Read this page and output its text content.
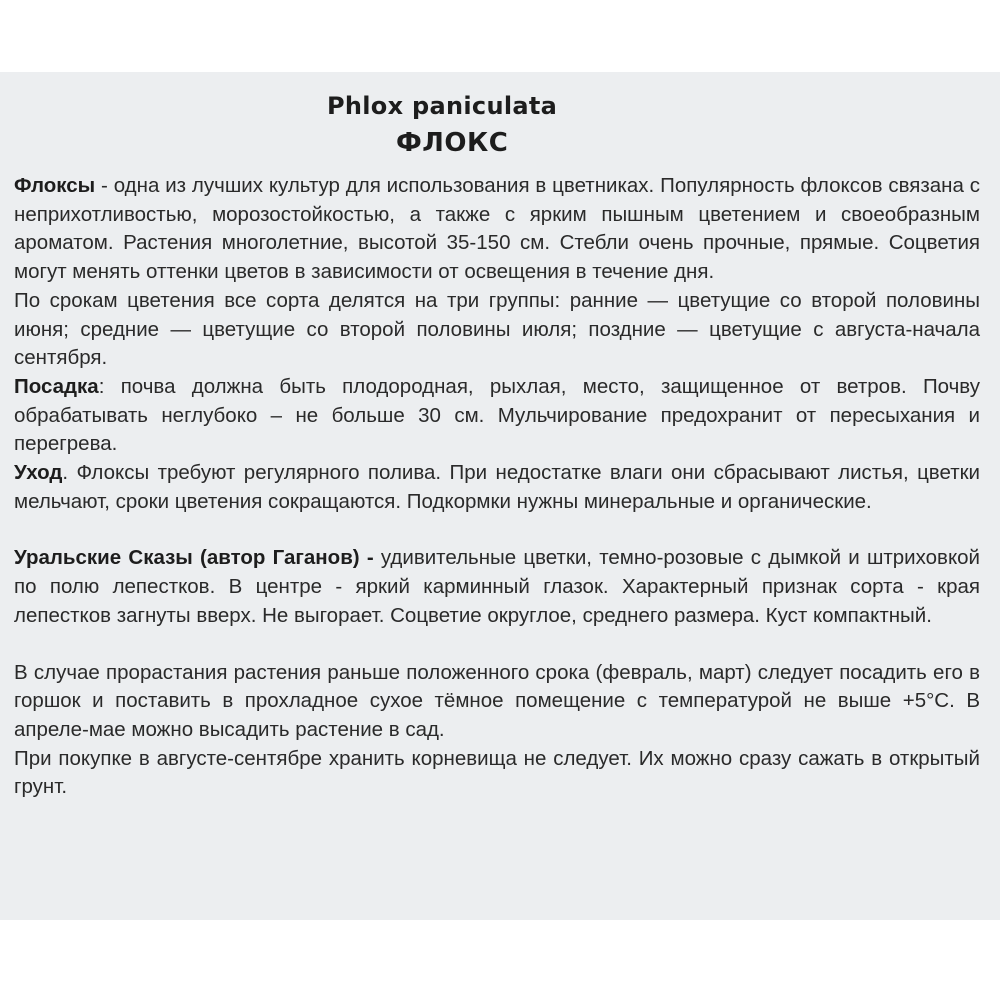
Phlox paniculata
ФЛОКС

Флоксы - одна из лучших культур для использования в цветниках. Популярность флоксов связана с неприхотливостью, морозостойкостью, а также с ярким пышным цветением и своеобразным ароматом. Растения многолетние, высотой 35-150 см. Стебли очень прочные, прямые. Соцветия могут менять оттенки цветов в зависимости от освещения в течение дня.

По срокам цветения все сорта делятся на три группы: ранние — цветущие со второй половины июня; средние — цветущие со второй половины июля; поздние — цветущие с августа-начала сентября.

Посадка: почва должна быть плодородная, рыхлая, место, защищенное от ветров. Почву обрабатывать неглубоко – не больше 30 см. Мульчирование предохранит от пересыхания и перегрева.

Уход. Флоксы требуют регулярного полива. При недостатке влаги они сбрасывают листья, цветки мельчают, сроки цветения сокращаются. Подкормки нужны минеральные и органические.

Уральские Сказы (автор Гаганов) - удивительные цветки, темно-розовые с дымкой и штриховкой по полю лепестков. В центре - яркий карминный глазок. Характерный признак сорта - края лепестков загнуты вверх. Не выгорает. Соцветие округлое, среднего размера. Куст компактный.

В случае прорастания растения раньше положенного срока (февраль, март) следует посадить его в горшок и поставить в прохладное сухое тёмное помещение с температурой не выше +5°С. В апреле-мае можно высадить растение в сад.

При покупке в августе-сентябре хранить корневища не следует. Их можно сразу сажать в открытый грунт.
